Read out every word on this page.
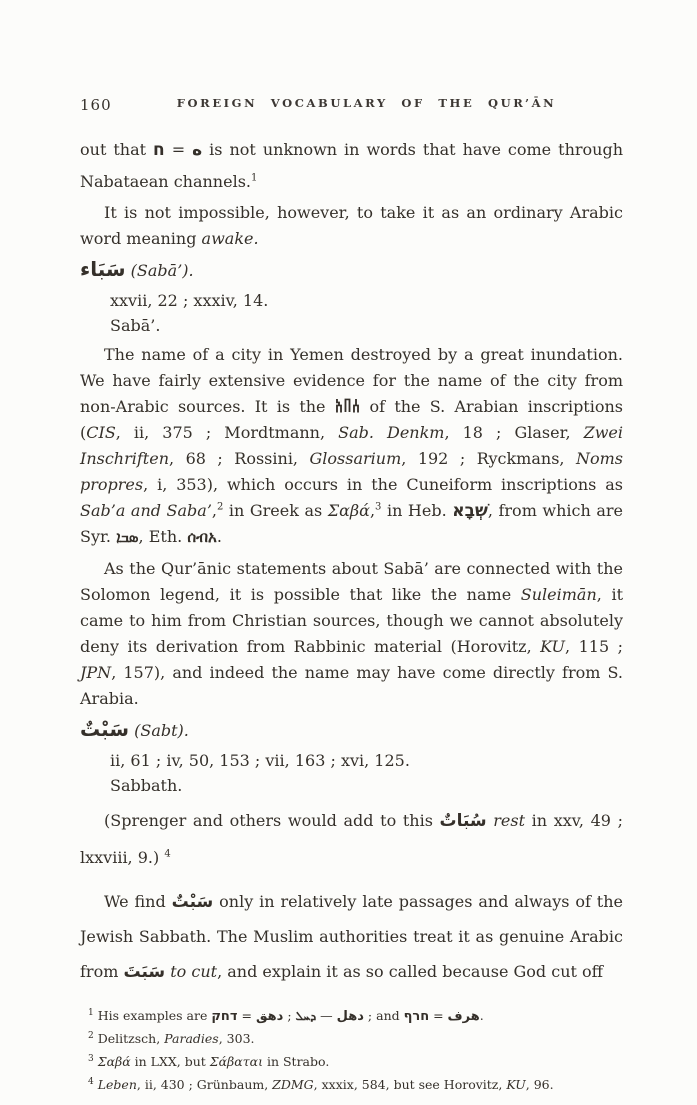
160	FOREIGN VOCABULARY OF THE QUR’ĀN

out that ه = ח is not unknown in words that have come through Nabataean channels.$^1$

It is not impossible, however, to take it as an ordinary Arabic word meaning awake.

سَبَاء (Sabā’).

xxvii, 22 ; xxxiv, 14.

Sabā’.

The name of a city in Yemen destroyed by a great inundation. We have fairly extensive evidence for the name of the city from non-Arabic sources. It is the 𐩪𐩨𐩱 of the S. Arabian inscriptions (CIS, ii, 375 ; Mordtmann, Sab. Denkm, 18 ; Glaser, Zwei Inschriften, 68 ; Rossini, Glossarium, 192 ; Ryckmans, Noms propres, i, 353), which occurs in the Cuneiform inscriptions as Sab’a and Saba’,$^2$ in Greek as Σαβά,$^3$ in Heb. שְׁבָא, from which are Syr. ܣܒܐ, Eth. ሰብአ.

As the Qur’ānic statements about Sabā’ are connected with the Solomon legend, it is possible that like the name Suleimān, it came to him from Christian sources, though we cannot absolutely deny its derivation from Rabbinic material (Horovitz, KU, 115 ; JPN, 157), and indeed the name may have come directly from S. Arabia.

سَبْتٌ (Sabt).

ii, 61 ; iv, 50, 153 ; vii, 163 ; xvi, 125.

Sabbath.

(Sprenger and others would add to this سُبَاتٌ rest in xxv, 49 ; lxxviii, 9.) $^4$

We find سَبْتٌ only in relatively late passages and always of the Jewish Sabbath. The Muslim authorities treat it as genuine Arabic from سَبَتَ to cut, and explain it as so called because God cut off

$^1$ His examples are	دهل — ܕܚܠ ; دهق = דחק	; and	هرف = חרף	.
$^2$ Delitzsch, Paradies, 303.
$^3$ Σαβά in LXX, but Σάβαται in Strabo.
$^4$ Leben, ii, 430 ; Grünbaum, ZDMG, xxxix, 584, but see Horovitz, KU, 96.
